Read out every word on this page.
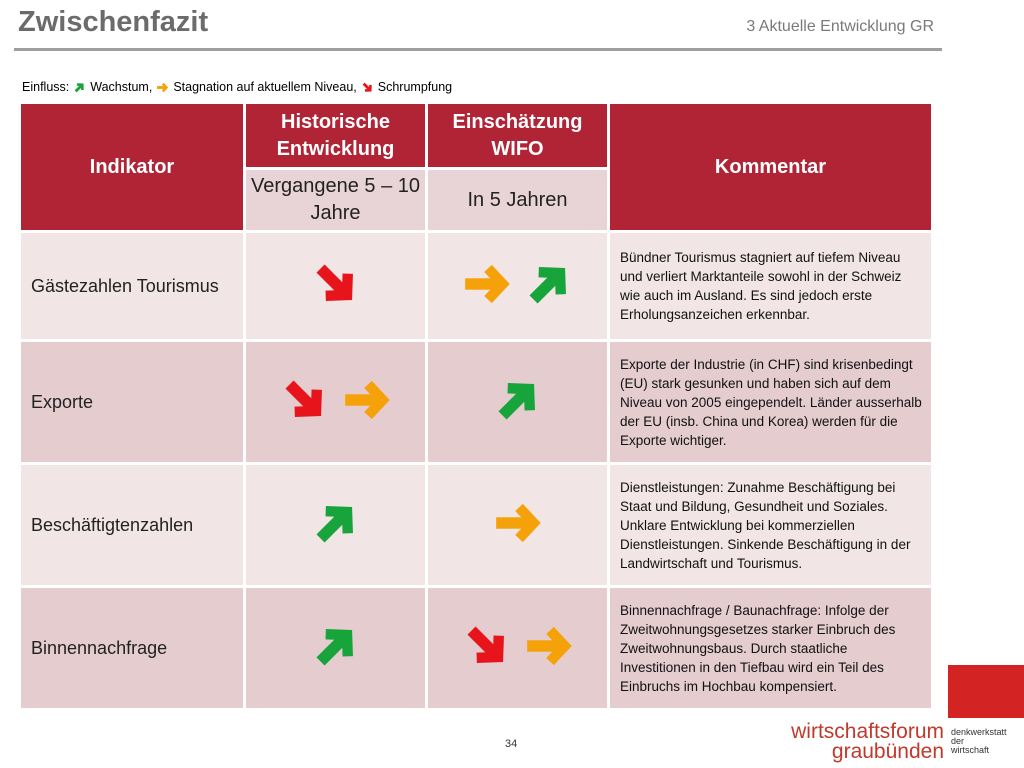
Zwischenfazit	3 Aktuelle Entwicklung GR
Einfluss: Wachstum, Stagnation auf aktuellem Niveau, Schrumpfung
Indikator	Historische Entwicklung	Einschätzung WIFO	Kommentar
	Vergangene 5 – 10 Jahre	In 5 Jahren	
Gästezahlen Tourismus			Bündner Tourismus stagniert auf tiefem Niveau und verliert Marktanteile sowohl in der Schweiz wie auch im Ausland. Es sind jedoch erste Erholungsanzeichen erkennbar.
Exporte			Exporte der Industrie (in CHF) sind krisenbedingt (EU) stark gesunken und haben sich auf dem Niveau von 2005 eingependelt. Länder ausserhalb der EU (insb. China und Korea) werden für die Exporte wichtiger.
Beschäftigtenzahlen			Dienstleistungen: Zunahme Beschäftigung bei Staat und Bildung, Gesundheit und Soziales. Unklare Entwicklung bei kommerziellen Dienstleistungen. Sinkende Beschäftigung in der Landwirtschaft und Tourismus.
Binnennachfrage			Binnennachfrage / Baunachfrage: Infolge der Zweitwohnungsgesetzes starker Einbruch des Zweitwohnungsbaus. Durch staatliche Investitionen in den Tiefbau wird ein Teil des Einbruchs im Hochbau kompensiert.
34
wirtschaftsforum
graubünden
denkwerkstatt
der
wirtschaft
